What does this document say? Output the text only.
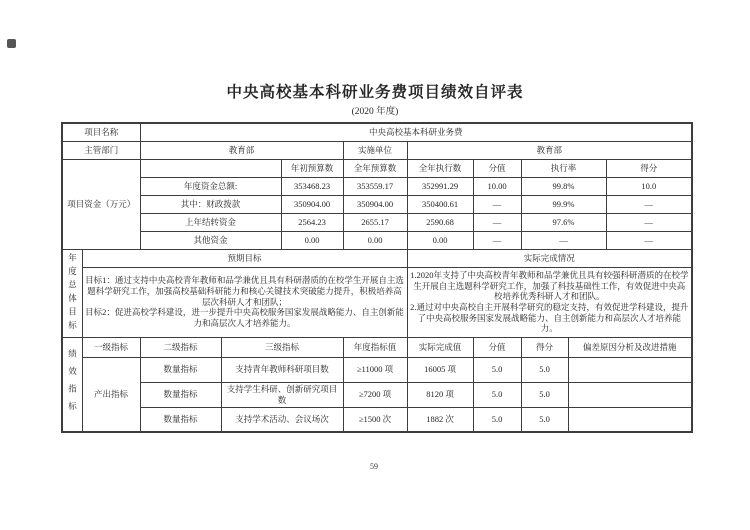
中央高校基本科研业务费项目绩效自评表
(2020 年度)
项目名称		中央高校基本科研业务费								
主管部门		教育部			实施单位	教育部				
项目资金（万元）				年初预算数	全年预算数	全年执行数	分值	执行率		得分
		年度资金总额:		353468.23	353559.17	352991.29	10.00	99.8%		10.0
		其中：财政拨款		350904.00	350904.00	350400.61	—	99.9%		—
		上年结转资金		2564.23	2655.17	2590.68	—	97.6%		—
		其他资金		0.00	0.00	0.00	—	—		—

年度总体目标	预期目标					实际完成情况				

目标1：通过支持中央高校青年教师和品学兼优且具有科研潜质的在校学生开展自主选题科学研究工作，加强高校基础科研能力和核心关键技术突破能力提升，积极培养高层次科研人才和团队；
目标2：促进高校学科建设，进一步提升中央高校服务国家发展战略能力、自主创新能力和高层次人才培养能力。

1.2020年支持了中央高校青年教师和品学兼优且具有较强科研潜质的在校学生开展自主选题科学研究工作，加强了科技基础性工作，有效促进中央高校培养优秀科研人才和团队。
2.通过对中央高校自主开展科学研究的稳定支持，有效促进学科建设，提升了中央高校服务国家发展战略能力、自主创新能力和高层次人才培养能力。

绩效指标	一级指标	二级指标	三级指标		年度指标值	实际完成值	分值	得分	偏差原因分析及改进措施	
	产出指标	数量指标	支持青年教师科研项目数		≥11000 项	16005 项	5.0	5.0		
		数量指标	支持学生科研、创新研究项目数		≥7200 项	8120 项	5.0	5.0		
		数量指标	支持学术活动、会议场次		≥1500 次	1882 次	5.0	5.0		
59
